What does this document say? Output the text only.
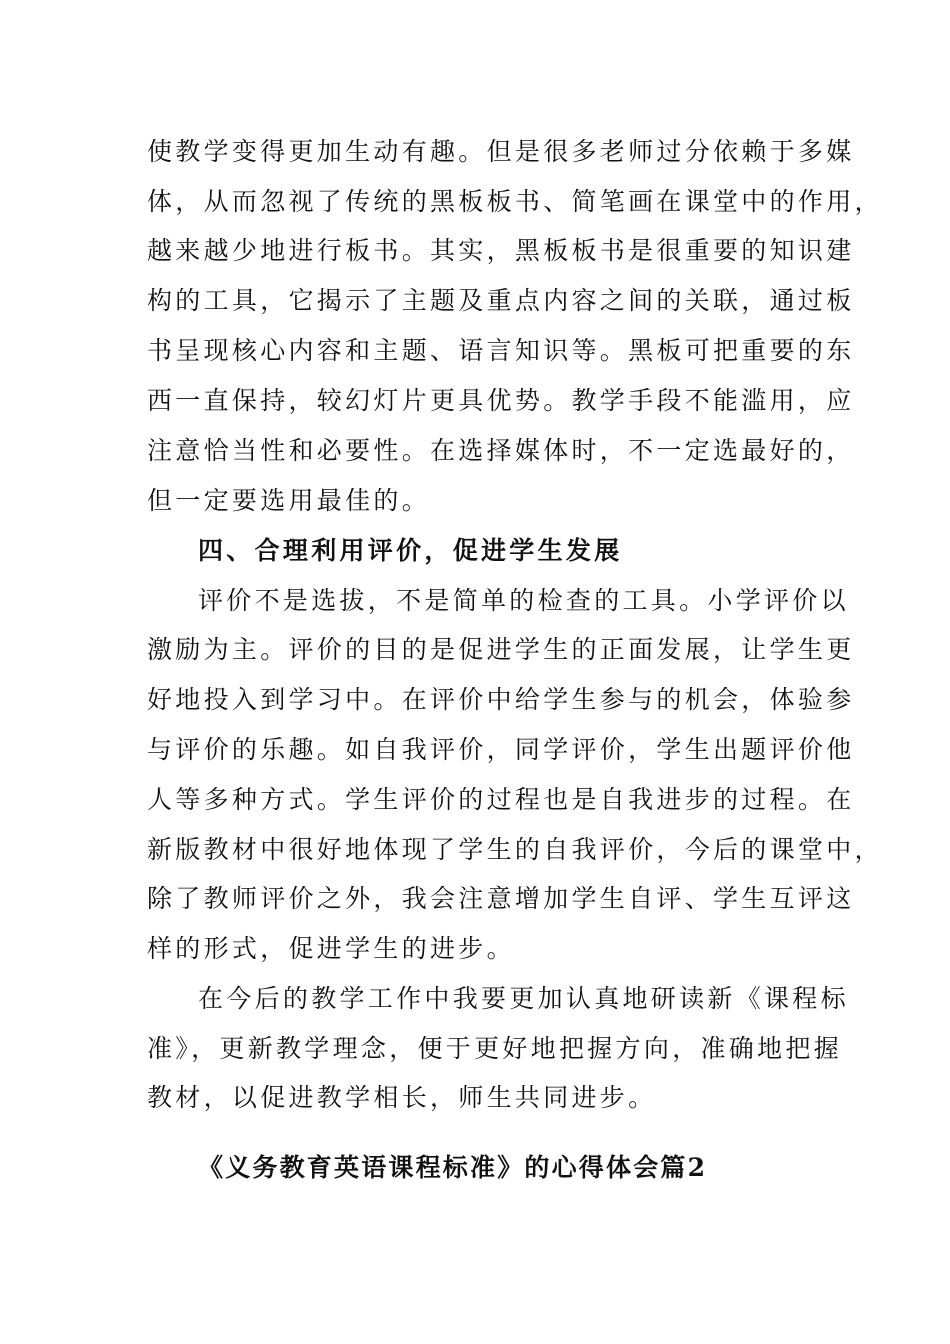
使教学变得更加生动有趣。但是很多老师过分依赖于多媒
体，从而忽视了传统的黑板板书、简笔画在课堂中的作用，
越来越少地进行板书。其实，黑板板书是很重要的知识建
构的工具，它揭示了主题及重点内容之间的关联，通过板
书呈现核心内容和主题、语言知识等。黑板可把重要的东
西一直保持，较幻灯片更具优势。教学手段不能滥用，应
注意恰当性和必要性。在选择媒体时，不一定选最好的，
但一定要选用最佳的。
四、合理利用评价，促进学生发展
评价不是选拔，不是简单的检查的工具。小学评价以
激励为主。评价的目的是促进学生的正面发展，让学生更
好地投入到学习中。在评价中给学生参与的机会，体验参
与评价的乐趣。如自我评价，同学评价，学生出题评价他
人等多种方式。学生评价的过程也是自我进步的过程。在
新版教材中很好地体现了学生的自我评价，今后的课堂中，
除了教师评价之外，我会注意增加学生自评、学生互评这
样的形式，促进学生的进步。
在今后的教学工作中我要更加认真地研读新《课程标
准》，更新教学理念，便于更好地把握方向，准确地把握
教材，以促进教学相长，师生共同进步。
《义务教育英语课程标准》的心得体会篇2
